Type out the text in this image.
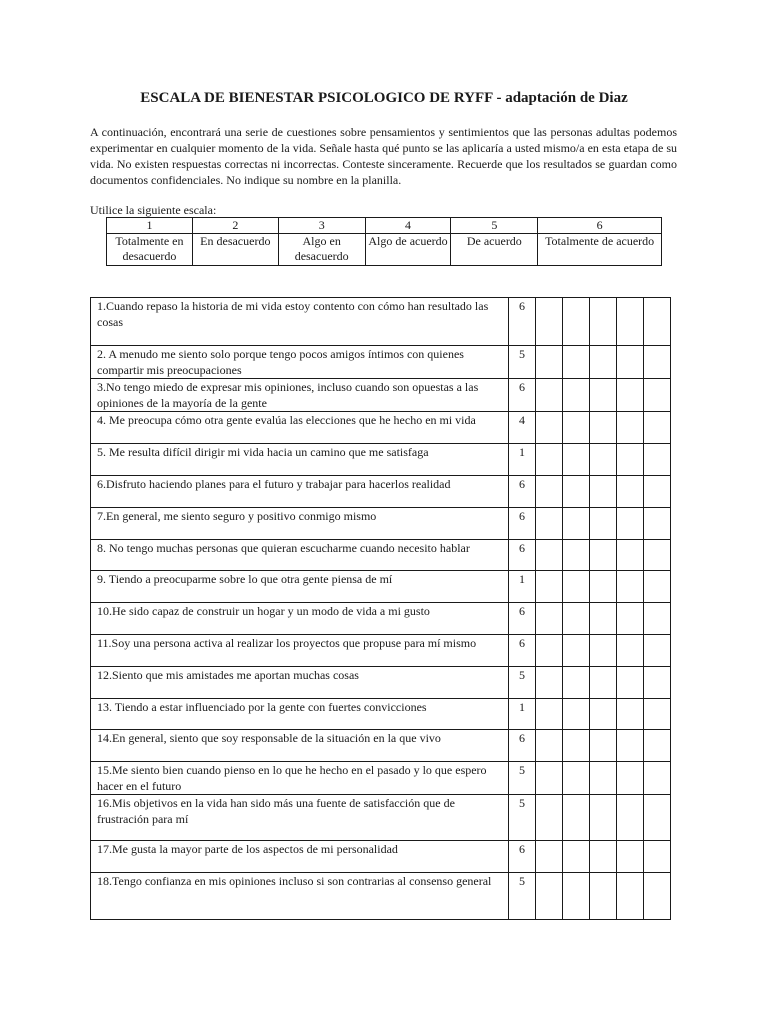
ESCALA DE BIENESTAR PSICOLOGICO DE RYFF - adaptación de Diaz
A continuación, encontrará una serie de cuestiones sobre pensamientos y sentimientos que las personas adultas podemos experimentar en cualquier momento de la vida. Señale hasta qué punto se las aplicaría a usted mismo/a en esta etapa de su vida. No existen respuestas correctas ni incorrectas. Conteste sinceramente. Recuerde que los resultados se guardan como documentos confidenciales. No indique su nombre en la planilla.
Utilice la siguiente escala:
1	2	3	4	5	6
Totalmente en desacuerdo	En desacuerdo	Algo en desacuerdo	Algo de acuerdo	De acuerdo	Totalmente de acuerdo
1.Cuando repaso la historia de mi vida estoy contento con cómo han resultado las cosas	6					
2. A menudo me siento solo porque tengo pocos amigos íntimos con quienes compartir mis preocupaciones	5					
3.No tengo miedo de expresar mis opiniones, incluso cuando son opuestas a las opiniones de la mayoría de la gente	6					
4. Me preocupa cómo otra gente evalúa las elecciones que he hecho en mi vida	4					
5. Me resulta difícil dirigir mi vida hacia un camino que me satisfaga	1					
6.Disfruto haciendo planes para el futuro y trabajar para hacerlos realidad	6					
7.En general, me siento seguro y positivo conmigo mismo	6					
8. No tengo muchas personas que quieran escucharme cuando necesito hablar	6					
9. Tiendo a preocuparme sobre lo que otra gente piensa de mí	1					
10.He sido capaz de construir un hogar y un modo de vida a mi gusto	6					
11.Soy una persona activa al realizar los proyectos que propuse para mí mismo	6					
12.Siento que mis amistades me aportan muchas cosas	5					
13. Tiendo a estar influenciado por la gente con fuertes convicciones	1					
14.En general, siento que soy responsable de la situación en la que vivo	6					
15.Me siento bien cuando pienso en lo que he hecho en el pasado y lo que espero hacer en el futuro	5					
16.Mis objetivos en la vida han sido más una fuente de satisfacción que de frustración para mí	5					
17.Me gusta la mayor parte de los aspectos de mi personalidad	6					
18.Tengo confianza en mis opiniones incluso si son contrarias al consenso general	5					
